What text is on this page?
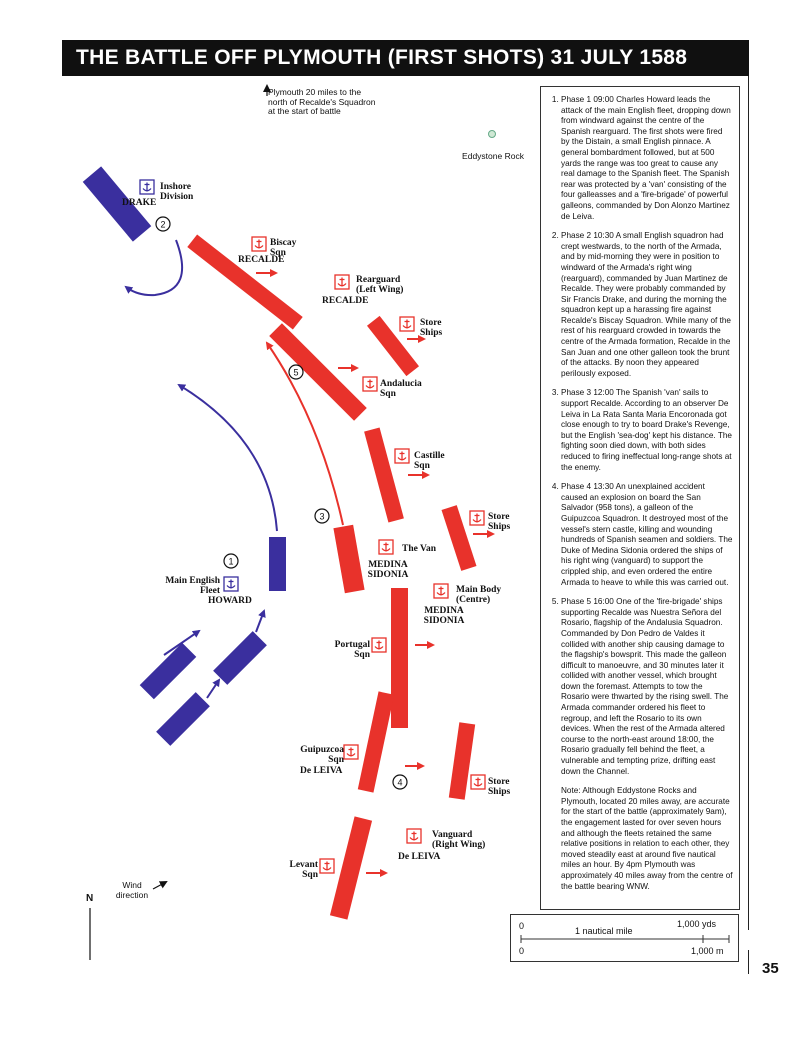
THE BATTLE OFF PLYMOUTH (FIRST SHOTS) 31 JULY 1588
1
2
3
4
5
Plymouth 20 miles to the north of Recalde's Squadron at the start of battle
Eddystone Rock
Inshore Division
DRAKE
Biscay Sqn
RECALDE
Rearguard (Left Wing)
RECALDE
Store Ships
Andalucia Sqn
Castille Sqn
Store Ships
The Van
MEDINA SIDONIA
Main Body (Centre)
MEDINA SIDONIA
Main English Fleet
HOWARD
Portugal Sqn
Guipuzcoa Sqn
De LEIVA
Store Ships
Vanguard (Right Wing)
De LEIVA
Levant Sqn
Wind direction
N
1. Phase 1 09:00 Charles Howard leads the attack of the main English fleet, dropping down from windward against the centre of the Spanish rearguard. The first shots were fired by the Distain, a small English pinnace. A general bombardment followed, but at 500 yards the range was too great to cause any real damage to the Spanish fleet. The Spanish rear was protected by a 'van' consisting of the four galleasses and a 'fire-brigade' of powerful galleons, commanded by Don Alonzo Martinez de Leiva.
2. Phase 2 10:30 A small English squadron had crept westwards, to the north of the Armada, and by mid-morning they were in position to windward of the Armada's right wing (rearguard), commanded by Juan Martinez de Recalde. They were probably commanded by Sir Francis Drake, and during the morning the squadron kept up a harassing fire against Recalde's Biscay Squadron. While many of the rest of his rearguard crowded in towards the centre of the Armada formation, Recalde in the San Juan and one other galleon took the brunt of the attacks. By noon they appeared perilously exposed.
3. Phase 3 12:00 The Spanish 'van' sails to support Recalde. According to an observer De Leiva in La Rata Santa Maria Encoronada got close enough to try to board Drake's Revenge, but the English 'sea-dog' kept his distance. The fighting soon died down, with both sides reduced to firing ineffectual long-range shots at the enemy.
4. Phase 4 13:30 An unexplained accident caused an explosion on board the San Salvador (958 tons), a galleon of the Guipuzcoa Squadron. It destroyed most of the vessel's stern castle, killing and wounding hundreds of Spanish seamen and soldiers. The Duke of Medina Sidonia ordered the ships of his right wing (vanguard) to support the crippled ship, and even ordered the entire Armada to heave to while this was carried out.
5. Phase 5 16:00 One of the 'fire-brigade' ships supporting Recalde was Nuestra Señora del Rosario, flagship of the Andalusia Squadron. Commanded by Don Pedro de Valdes it collided with another ship causing damage to the flagship's bowsprit. This made the galleon difficult to manoeuvre, and 30 minutes later it collided with another vessel, which brought down the foremast. Attempts to tow the Rosario were thwarted by the rising swell. The Armada commander ordered his fleet to regroup, and left the Rosario to its own devices. When the rest of the Armada altered course to the north-east around 18:00, the Rosario gradually fell behind the fleet, a vulnerable and tempting prize, drifting east down the Channel.

Note: Although Eddystone Rocks and Plymouth, located 20 miles away, are accurate for the start of the battle (approximately 9am), the engagement lasted for over seven hours and although the fleets retained the same relative positions in relation to each other, they moved steadily east at around five nautical miles an hour. By 4pm Plymouth was approximately 40 miles away from the centre of the battle bearing WNW.

0	1 nautical mile
1,000 yds
0	1,000 m
35
